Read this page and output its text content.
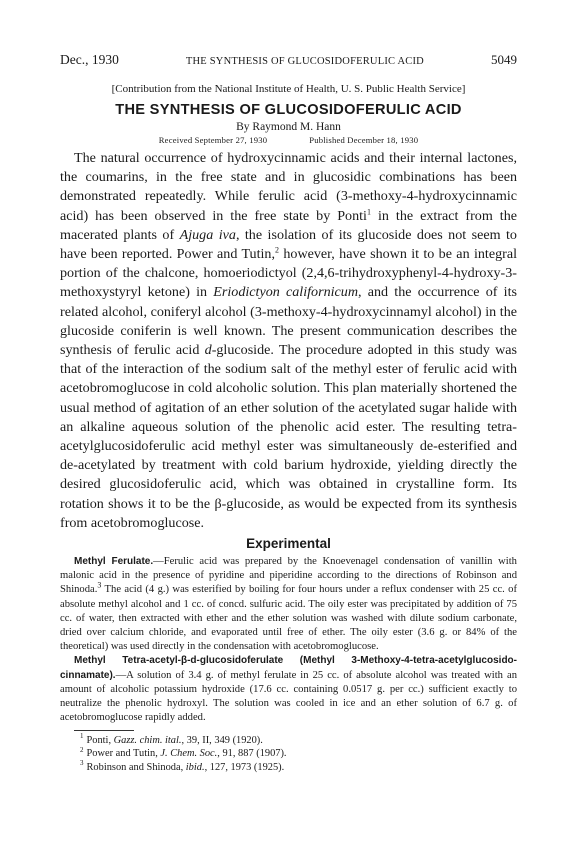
Dec., 1930	THE SYNTHESIS OF GLUCOSIDOFERULIC ACID	5049
[Contribution from the National Institute of Health, U. S. Public Health Service]
THE SYNTHESIS OF GLUCOSIDOFERULIC ACID
By Raymond M. Hann
Received September 27, 1930	Published December 18, 1930

The natural occurrence of hydroxycinnamic acids and their internal lactones, the coumarins, in the free state and in glucosidic combinations has been demonstrated repeatedly. While ferulic acid (3-methoxy-4-hydroxycinnamic acid) has been observed in the free state by Ponti$^1$ in the extract from the macerated plants of Ajuga iva, the isolation of its glucoside does not seem to have been reported. Power and Tutin,$^2$ however, have shown it to be an integral portion of the chalcone, homoeriodictyol (2,4,6-trihydroxyphenyl-4-hydroxy-3-methoxystyryl ketone) in Eriodictyon californicum, and the occurrence of its related alcohol, coniferyl alcohol (3-methoxy-4-hydroxycinnamyl alcohol) in the glucoside coniferin is well known. The present communication describes the synthesis of ferulic acid d-glucoside. The procedure adopted in this study was that of the interaction of the sodium salt of the methyl ester of ferulic acid with acetobromoglucose in cold alcoholic solution. This plan materially shortened the usual method of agitation of an ether solution of the acetylated sugar halide with an alkaline aqueous solution of the phenolic acid ester. The resulting tetra-acetylglucosidoferulic acid methyl ester was simultaneously de-esterified and de-acetylated by treatment with cold barium hydroxide, yielding directly the desired glucosidoferulic acid, which was obtained in crystalline form. Its rotation shows it to be the β-glucoside, as would be expected from its synthesis from acetobromoglucose.

Experimental

Methyl Ferulate.—Ferulic acid was prepared by the Knoevenagel condensation of vanillin with malonic acid in the presence of pyridine and piperidine according to the directions of Robinson and Shinoda.$^3$ The acid (4 g.) was esterified by boiling for four hours under a reflux condenser with 25 cc. of absolute methyl alcohol and 1 cc. of concd. sulfuric acid. The oily ester was precipitated by addition of 75 cc. of water, then extracted with ether and the ether solution was washed with dilute sodium carbonate, dried over calcium chloride, and evaporated until free of ether. The oily ester (3.6 g. or 84% of the theoretical) was used directly in the condensation with acetobromoglucose.

Methyl Tetra-acetyl-β-d-glucosidoferulate (Methyl 3-Methoxy-4-tetra-acetylglucosido-cinnamate).—A solution of 3.4 g. of methyl ferulate in 25 cc. of absolute alcohol was treated with an amount of alcoholic potassium hydroxide (17.6 cc. containing 0.0517 g. per cc.) sufficient exactly to neutralize the phenolic hydroxyl. The solution was cooled in ice and an ether solution of 6.7 g. of acetobromoglucose rapidly added.

$^1$ Ponti, Gazz. chim. ital., 39, II, 349 (1920).
$^2$ Power and Tutin, J. Chem. Soc., 91, 887 (1907).
$^3$ Robinson and Shinoda, ibid., 127, 1973 (1925).
